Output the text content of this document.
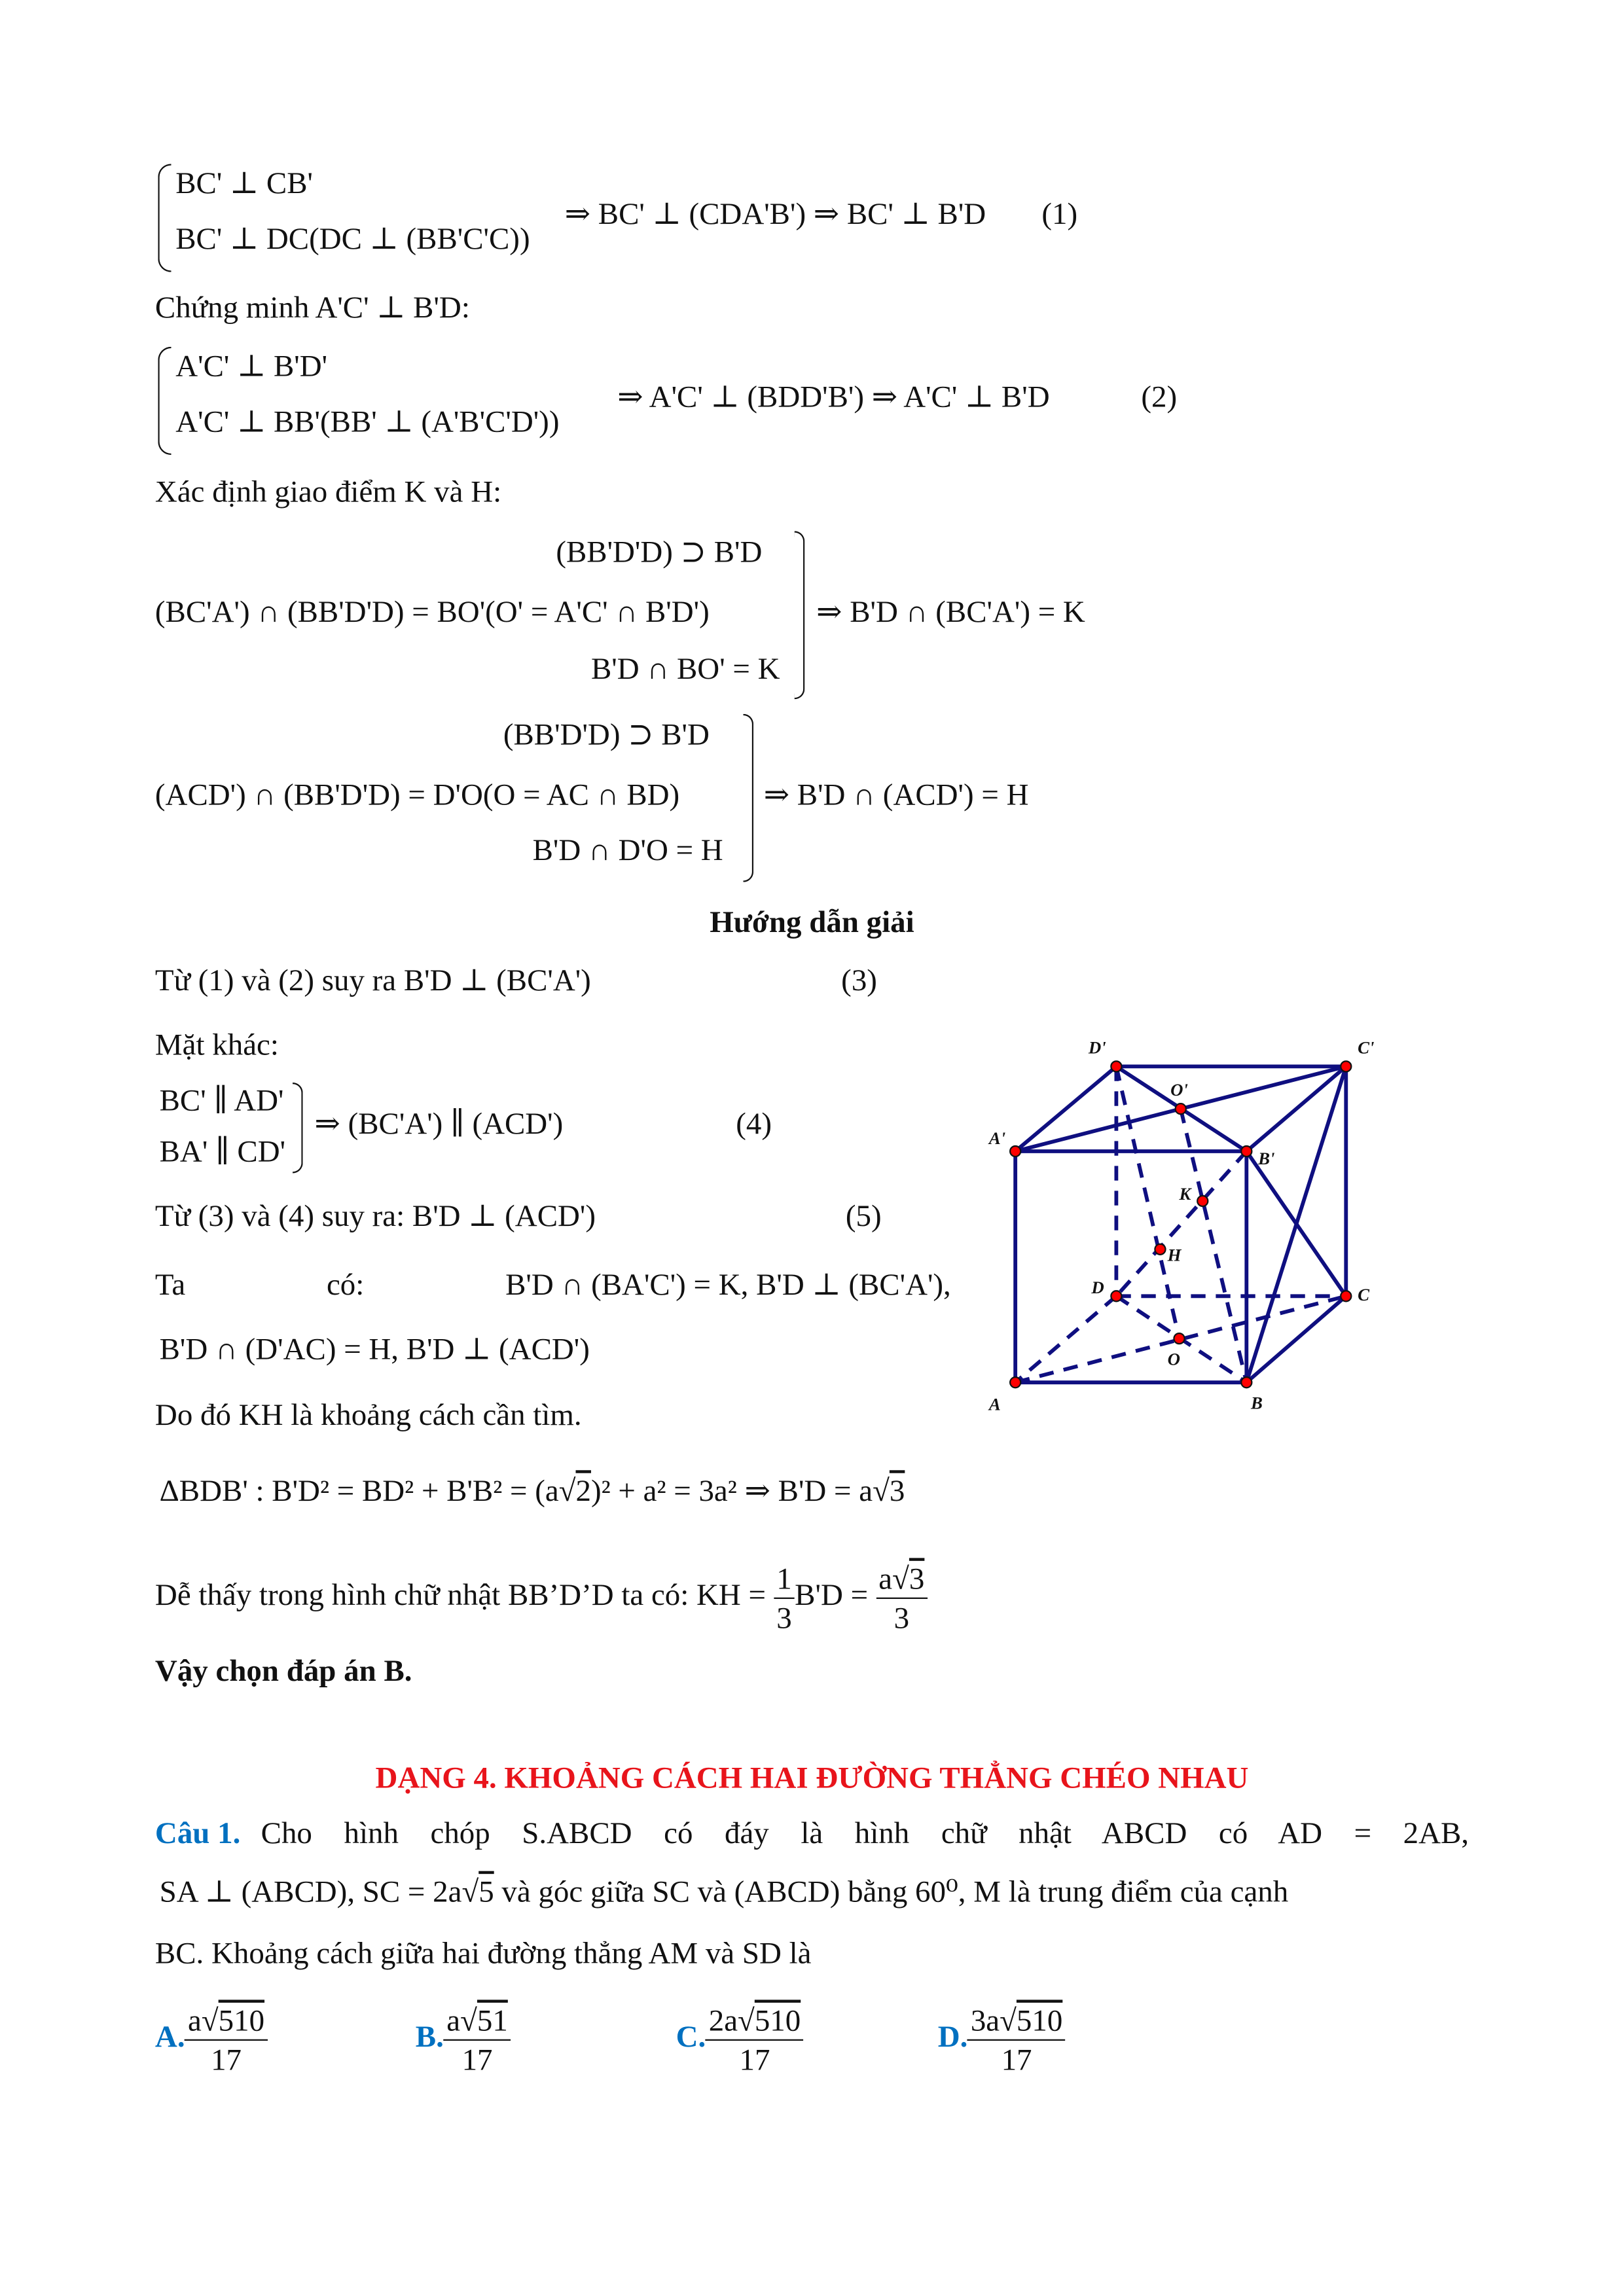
BC' ⊥ CB'
BC' ⊥ DC(DC ⊥ (BB'C'C))
⇒ BC' ⊥ (CDA'B') ⇒ BC' ⊥ B'D	(1)
Chứng minh A'C' ⊥ B'D:
A'C' ⊥ B'D'
A'C' ⊥ BB'(BB' ⊥ (A'B'C'D'))
⇒ A'C' ⊥ (BDD'B') ⇒ A'C' ⊥ B'D	(2)
Xác định giao điểm K và H:
(BB'D'D) ⊃ B'D
(BC'A') ∩ (BB'D'D) = BO'(O' = A'C' ∩ B'D')
B'D ∩ BO' = K
⇒ B'D ∩ (BC'A') = K
(BB'D'D) ⊃ B'D
(ACD') ∩ (BB'D'D) = D'O(O = AC ∩ BD)
B'D ∩ D'O = H
⇒ B'D ∩ (ACD') = H
Hướng dẫn giải
Từ (1) và (2) suy ra B'D ⊥ (BC'A')	(3)
Mặt khác:
BC' ∥ AD'
BA' ∥ CD'
⇒ (BC'A') ∥ (ACD')	(4)
Từ (3) và (4) suy ra: B'D ⊥ (ACD')	(5)
Ta	có:	B'D ∩ (BA'C') = K, B'D ⊥ (BC'A'),
B'D ∩ (D'AC) = H, B'D ⊥ (ACD')
Do đó KH là khoảng cách cần tìm.
ΔBDB' : B'D² = BD² + B'B² = (a√2)² + a² = 3a² ⇒ B'D = a√3
Dễ thấy trong hình chữ nhật BB’D’D ta có: KH = $\frac{1}{3} B'D = \frac{a√3}{3}$
Vậy chọn đáp án B.
DẠNG 4. KHOẢNG CÁCH HAI ĐƯỜNG THẲNG CHÉO NHAU
Câu 1. Cho hình chóp S.ABCD có đáy là hình chữ nhật ABCD có AD = 2AB,
SA ⊥ (ABCD), SC = 2a√5 và góc giữa SC và (ABCD) bằng 60⁰, M là trung điểm của cạnh
BC. Khoảng cách giữa hai đường thẳng AM và SD là
A. $\frac{a√510}{17}$	B. $\frac{a√51}{17}$	C. $\frac{2a√510}{17}$	D. $\frac{3a√510}{17}$
D'	C'
A'
B'
O'
K
H
D	C
O
A	B
